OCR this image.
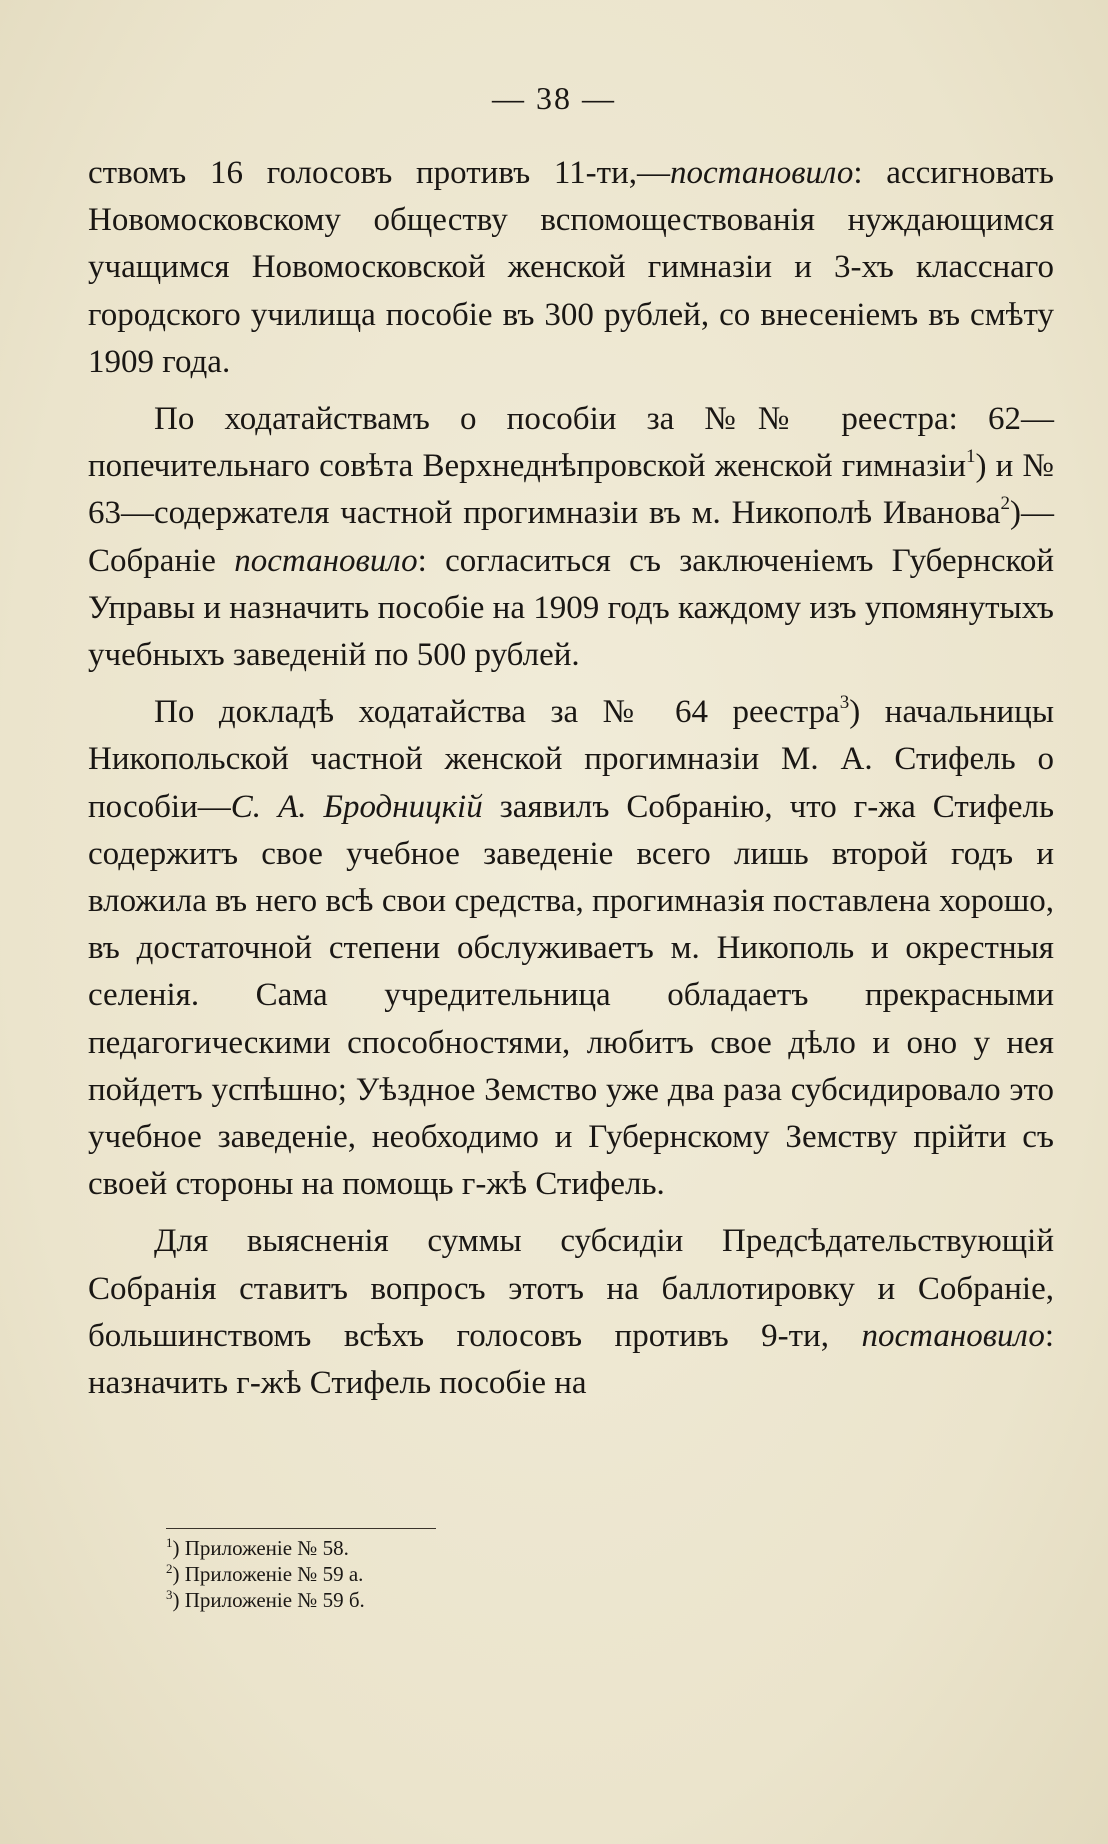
— 38 —

ствомъ 16 голосовъ противъ 11-ти,—постановило: ассигновать Новомосковскому обществу вспомоществованія нуждающимся учащимся Новомосковской женской гимназіи и 3-хъ класснаго городского училища пособіе въ 300 рублей, со внесеніемъ въ смѣту 1909 года.

По ходатайствамъ о пособіи за №№ реестра: 62—попечительнаго совѣта Верхнеднѣпровской женской гимназіи$^1$) и № 63—содержателя частной прогимназіи въ м. Никополѣ Иванова$^2$)—Собраніе постановило: согласиться съ заключеніемъ Губернской Управы и назначить пособіе на 1909 годъ каждому изъ упомянутыхъ учебныхъ заведеній по 500 рублей.

По докладѣ ходатайства за № 64 реестра$^3$) начальницы Никопольской частной женской прогимназіи М. А. Стифель о пособіи—С. А. Бродницкій заявилъ Собранію, что г-жа Стифель содержитъ свое учебное заведеніе всего лишь второй годъ и вложила въ него всѣ свои средства, прогимназія поставлена хорошо, въ достаточной степени обслуживаетъ м. Никополь и окрестныя селенія. Сама учредительница обладаетъ прекрасными педагогическими способностями, любитъ свое дѣло и оно у нея пойдетъ успѣшно; Уѣздное Земство уже два раза субсидировало это учебное заведеніе, необходимо и Губернскому Земству прійти съ своей стороны на помощь г-жѣ Стифель.

Для выясненія суммы субсидіи Предсѣдательствующій Собранія ставитъ вопросъ этотъ на баллотировку и Собраніе, большинствомъ всѣхъ голосовъ противъ 9-ти, постановило: назначить г-жѣ Стифель пособіе на

$^1$) Приложеніе № 58.
$^2$) Приложеніе № 59 а.
$^3$) Приложеніе № 59 б.
